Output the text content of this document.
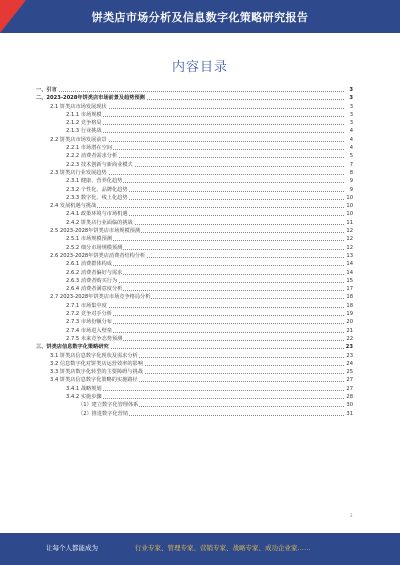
饼类店市场分析及信息数字化策略研究报告
内容目录
一、引言	3
二、2023-2028年饼类店市场前景及趋势预测	3
2.1 饼类店市场发展现状	3
2.1.1 市场规模	3
2.1.2 竞争格局	3
2.1.3 行业挑战	4
2.2 饼类店市场发展前景	4
2.2.1 市场潜在空间	4
2.2.2 消费者需求分析	5
2.2.3 技术创新与新商业模式	7
2.3 饼类店行业发展趋势	8
2.3.1 健康、营养化趋势	9
2.3.2 个性化、品牌化趋势	9
2.3.3 数字化、线上化趋势	10
2.4 发展机遇与挑战	10
2.4.1 政策环境与市场机遇	10
2.4.2 饼类店行业面临的挑战	11
2.5 2023-2028年饼类店市场规模预测	12
2.5.1 市场规模预测	12
2.5.2 细分市场规模预测	12
2.6 2023-2028年饼类店消费者结构分析	13
2.6.1 消费群体构成	14
2.6.2 消费者偏好与需求	14
2.6.3 消费者购买行为	15
2.6.4 消费者满意度分析	17
2.7 2023-2028年饼类店市场竞争格局分析	18
2.7.1 市场集中度	18
2.7.2 竞争对手分析	19
2.7.3 市场份额分布	20
2.7.4 市场进入壁垒	21
2.7.5 未来竞争态势预测	22
三、饼类店信息数字化策略研究	23
3.1 饼类店信息数字化现状及需求分析	23
3.2 信息数字化对饼类店运营效率的影响	24
3.3 饼类店数字化转型的主要障碍与挑战	25
3.4 饼类店信息数字化策略的实施路径	27
3.4.1 战略规划	27
3.4.2 实施步骤	28
（1）建立数字化管理体系	30
（2）推进数字化营销	31
2
让每个人都能成为	行业专家、管理专家、营销专家、战略专家、成功企业家……
